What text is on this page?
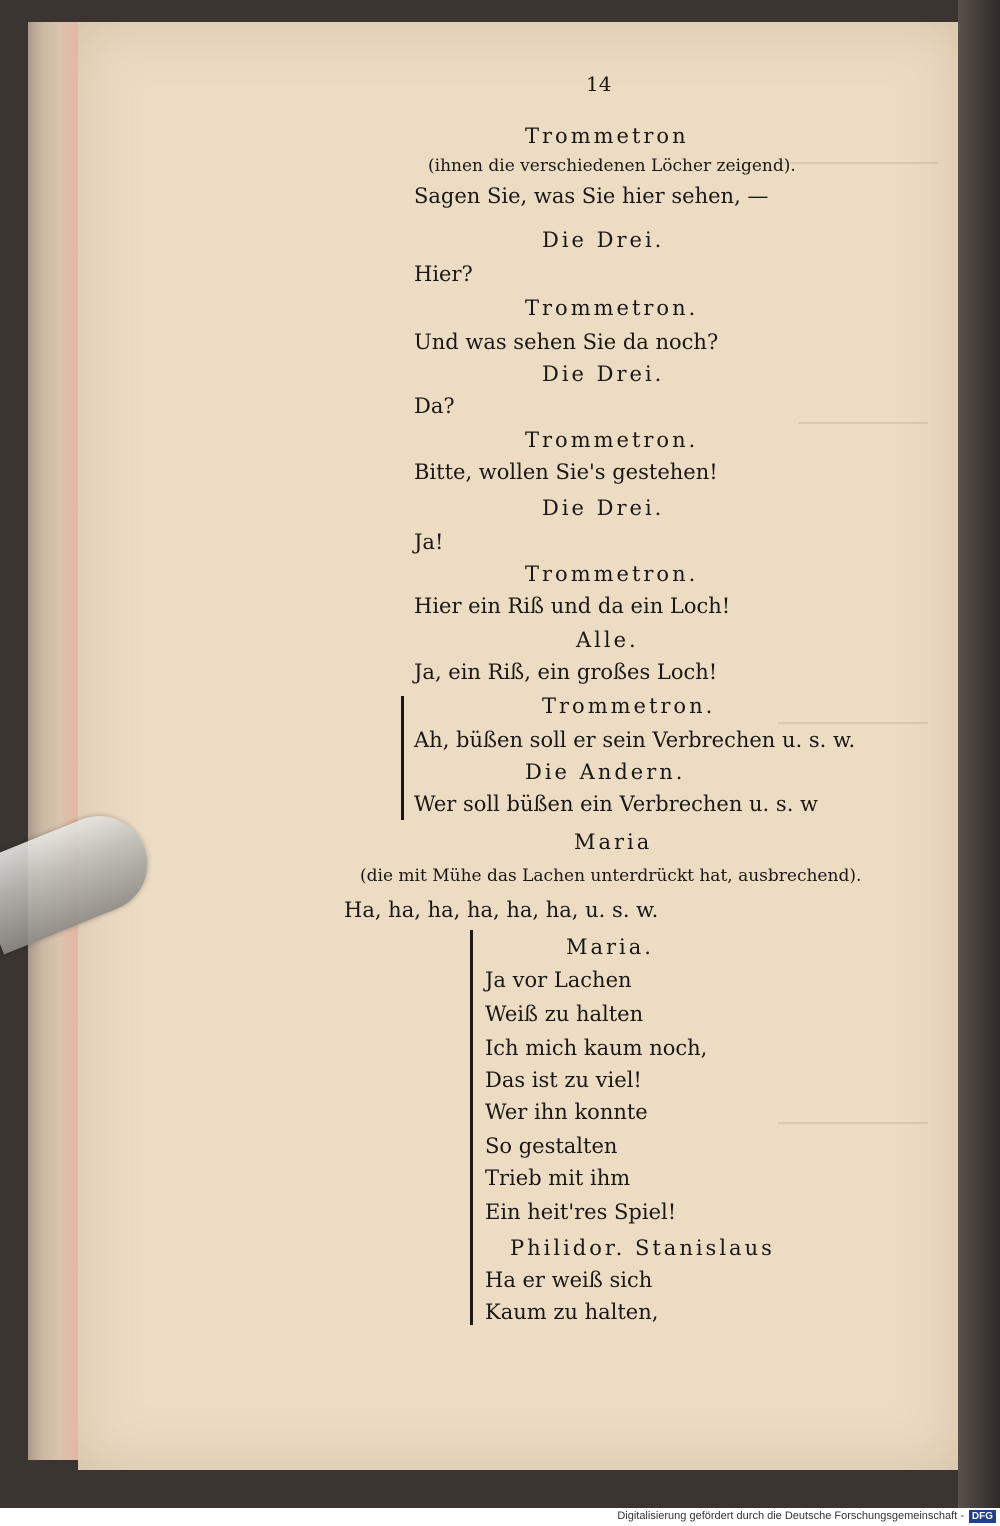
14
Trommetron
(ihnen die verschiedenen Löcher zeigend).
Sagen Sie, was Sie hier sehen, —
Die Drei.
Hier?
Trommetron.
Und was sehen Sie da noch?
Die Drei.
Da?
Trommetron.
Bitte, wollen Sie's gestehen!
Die Drei.
Ja!
Trommetron.
Hier ein Riß und da ein Loch!
Alle.
Ja, ein Riß, ein großes Loch!
Trommetron.
Ah, büßen soll er sein Verbrechen u. s. w.
Die Andern.
Wer soll büßen ein Verbrechen u. s. w
Maria
(die mit Mühe das Lachen unterdrückt hat, ausbrechend).
Ha, ha, ha, ha, ha, ha, u. s. w.
Maria.
Ja vor Lachen
Weiß zu halten
Ich mich kaum noch,
Das ist zu viel!
Wer ihn konnte
So gestalten
Trieb mit ihm
Ein heit'res Spiel!
Philidor. Stanislaus
Ha er weiß sich
Kaum zu halten,
Digitalisierung gefördert durch die Deutsche Forschungsgemeinschaft - DFG
